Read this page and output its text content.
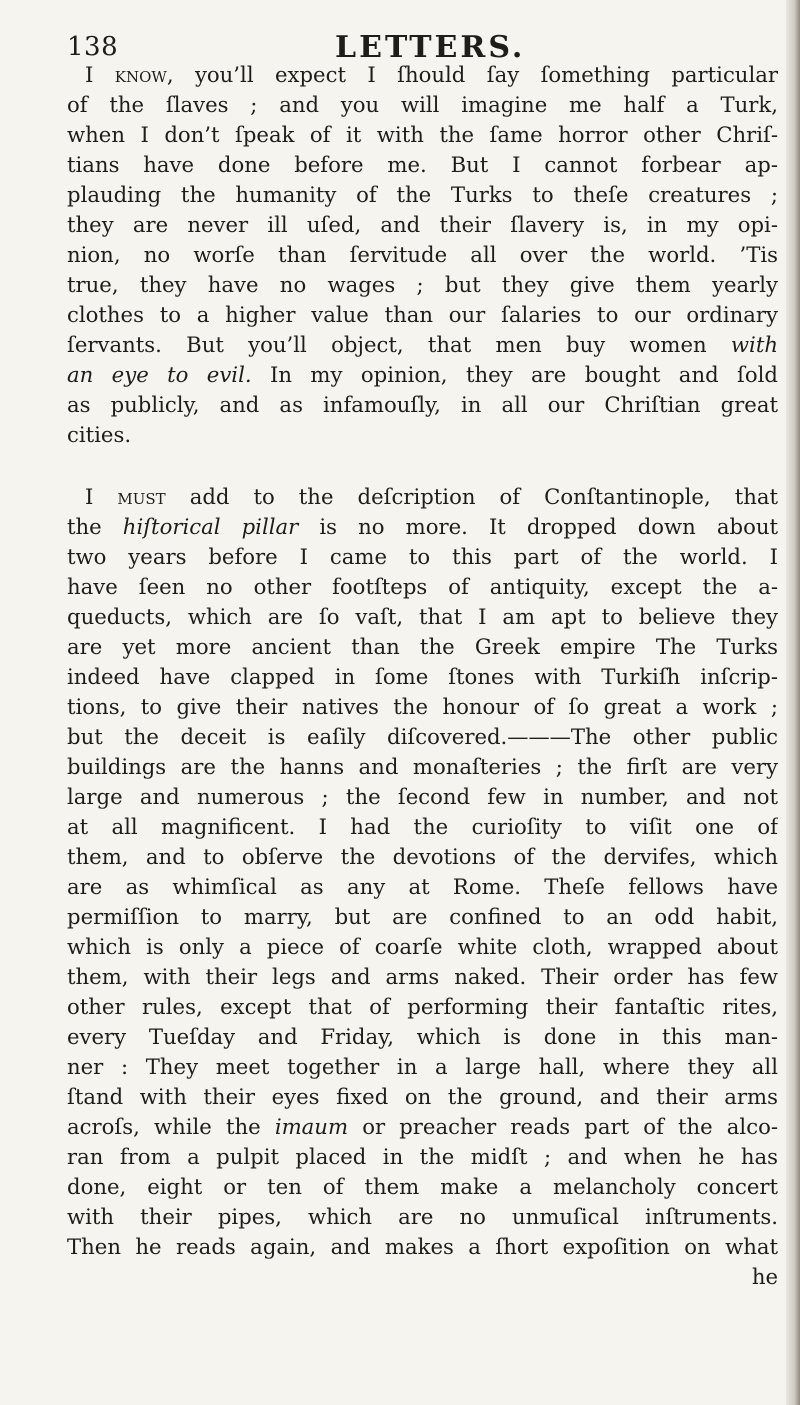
138	LETTERS.
I know, you’ll expect I ſhould ſay ſomething particular
of the ſlaves ; and you will imagine me half a Turk,
when I don’t ſpeak of it with the ſame horror other Chriſ-
tians have done before me. But I cannot forbear ap-
plauding the humanity of the Turks to theſe creatures ;
they are never ill uſed, and their ſlavery is, in my opi-
nion, no worſe than ſervitude all over the world. ’Tis
true, they have no wages ; but they give them yearly
clothes to a higher value than our ſalaries to our ordinary
ſervants. But you’ll object, that men buy women with
an eye to evil. In my opinion, they are bought and ſold
as publicly, and as infamouſly, in all our Chriſtian great
cities.
I must add to the deſcription of Conſtantinople, that
the hiſtorical pillar is no more. It dropped down about
two years before I came to this part of the world. I
have ſeen no other footſteps of antiquity, except the a-
queducts, which are ſo vaſt, that I am apt to believe they
are yet more ancient than the Greek empire The Turks
indeed have clapped in ſome ſtones with Turkiſh inſcrip-
tions, to give their natives the honour of ſo great a work ;
but the deceit is eaſily diſcovered.———The other public
buildings are the hanns and monaſteries ; the firſt are very
large and numerous ; the ſecond few in number, and not
at all magnificent. I had the curioſity to viſit one of
them, and to obſerve the devotions of the dervifes, which
are as whimſical as any at Rome. Theſe fellows have
permiſſion to marry, but are confined to an odd habit,
which is only a piece of coarſe white cloth, wrapped about
them, with their legs and arms naked. Their order has few
other rules, except that of performing their fantaſtic rites,
every Tueſday and Friday, which is done in this man-
ner : They meet together in a large hall, where they all
ſtand with their eyes fixed on the ground, and their arms
acroſs, while the imaum or preacher reads part of the alco-
ran from a pulpit placed in the midſt ; and when he has
done, eight or ten of them make a melancholy concert
with their pipes, which are no unmuſical inſtruments.
Then he reads again, and makes a ſhort expoſition on what
he
